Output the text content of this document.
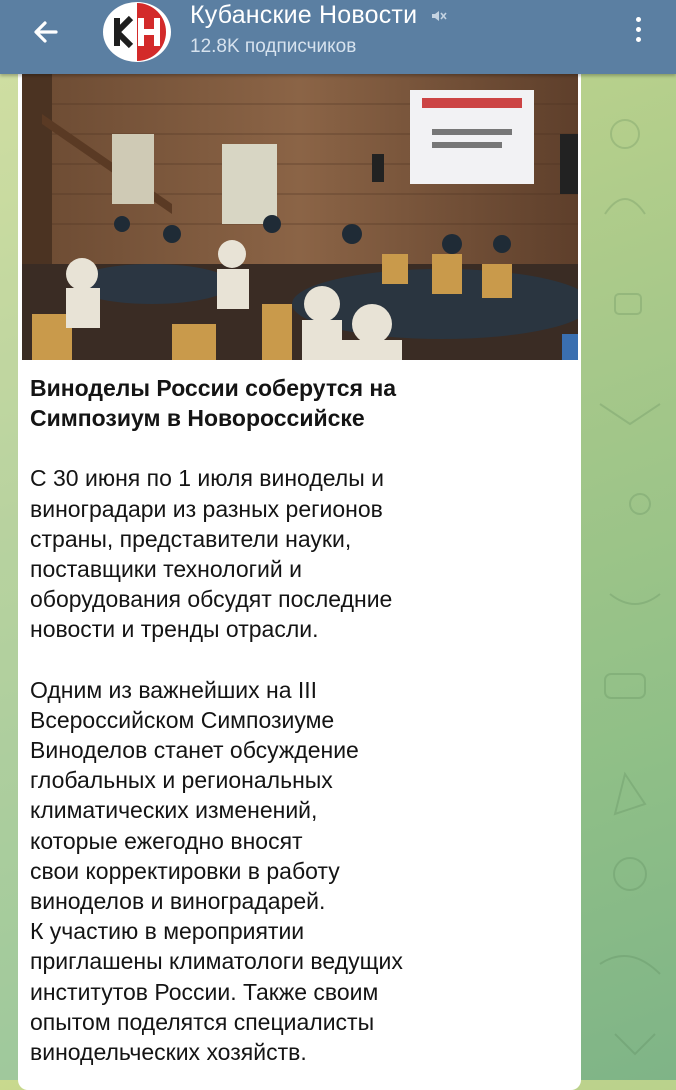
Кубанские Новости
12.8K подписчиков
Виноделы России соберутся на
Симпозиум в Новороссийске
С 30 июня по 1 июля виноделы и
виноградари из разных регионов
страны, представители науки,
поставщики технологий и
оборудования обсудят последние
новости и тренды отрасли.
Одним из важнейших на III
Всероссийском Симпозиуме
Виноделов станет обсуждение
глобальных и региональных
климатических изменений,
которые ежегодно вносят
свои корректировки в работу
виноделов и виноградарей.
К участию в мероприятии
приглашены климатологи ведущих
институтов России. Также своим
опытом поделятся специалисты
винодельческих хозяйств.
